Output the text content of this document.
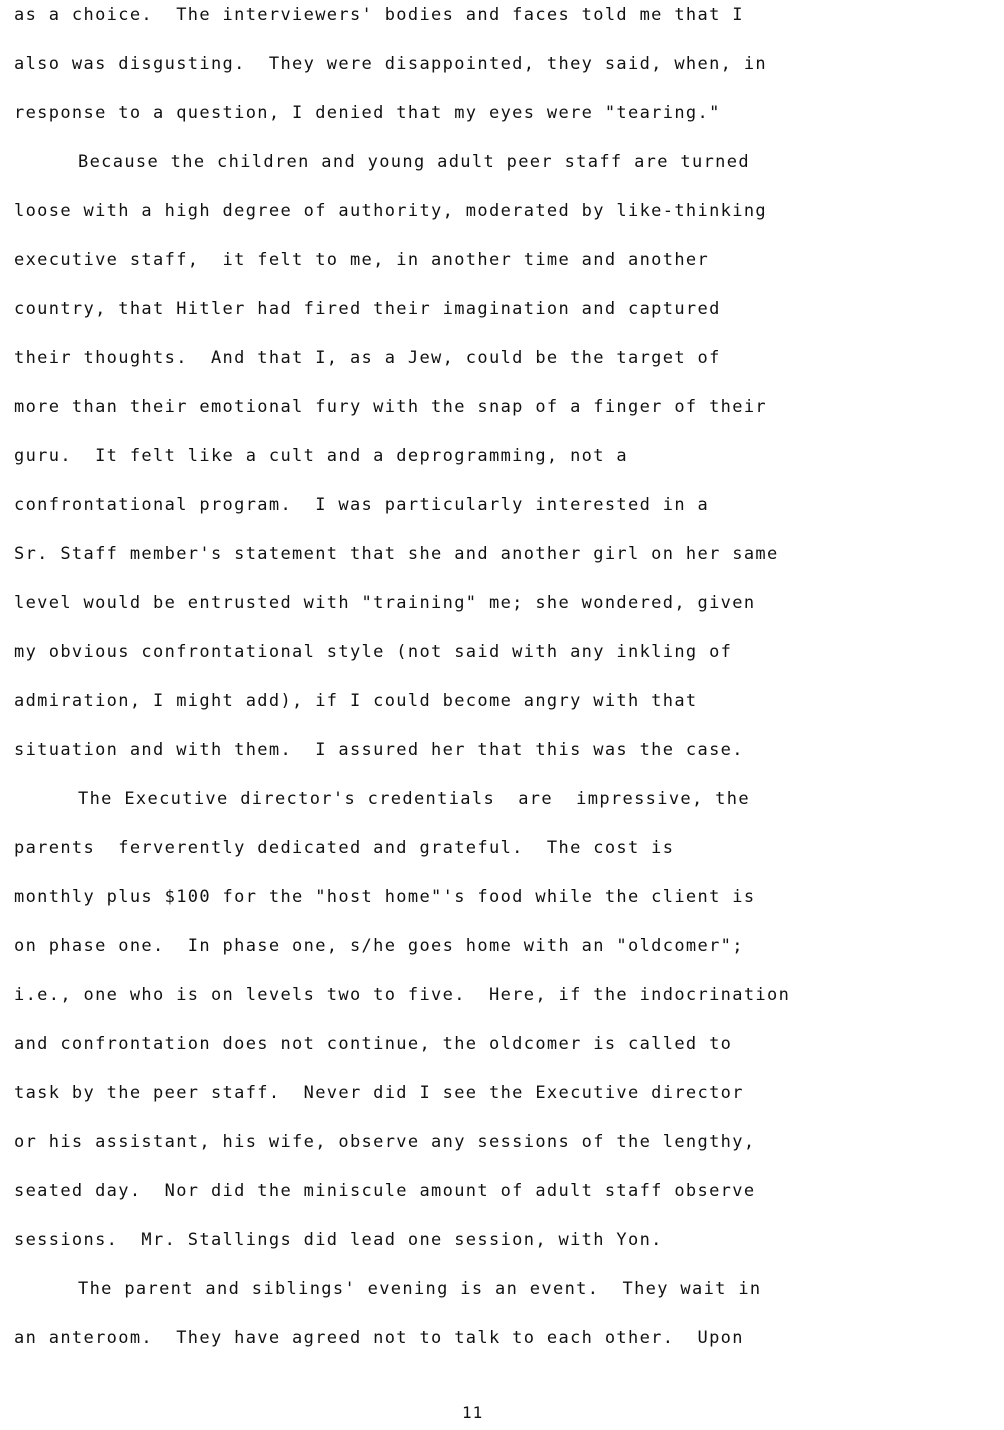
as a choice.  The interviewers' bodies and faces told me that I
also was disgusting.  They were disappointed, they said, when, in
response to a question, I denied that my eyes were "tearing."
Because the children and young adult peer staff are turned
loose with a high degree of authority, moderated by like-thinking
executive staff,  it felt to me, in another time and another
country, that Hitler had fired their imagination and captured
their thoughts.  And that I, as a Jew, could be the target of
more than their emotional fury with the snap of a finger of their
guru.  It felt like a cult and a deprogramming, not a
confrontational program.  I was particularly interested in a
Sr. Staff member's statement that she and another girl on her same
level would be entrusted with "training" me; she wondered, given
my obvious confrontational style (not said with any inkling of
admiration, I might add), if I could become angry with that
situation and with them.  I assured her that this was the case.
The Executive director's credentials  are  impressive, the
parents  ferverently dedicated and grateful.  The cost is
monthly plus $100 for the "host home"'s food while the client is
on phase one.  In phase one, s/he goes home with an "oldcomer";
i.e., one who is on levels two to five.  Here, if the indocrination
and confrontation does not continue, the oldcomer is called to
task by the peer staff.  Never did I see the Executive director
or his assistant, his wife, observe any sessions of the lengthy,
seated day.  Nor did the miniscule amount of adult staff observe
sessions.  Mr. Stallings did lead one session, with Yon.
The parent and siblings' evening is an event.  They wait in
an anteroom.  They have agreed not to talk to each other.  Upon
11
